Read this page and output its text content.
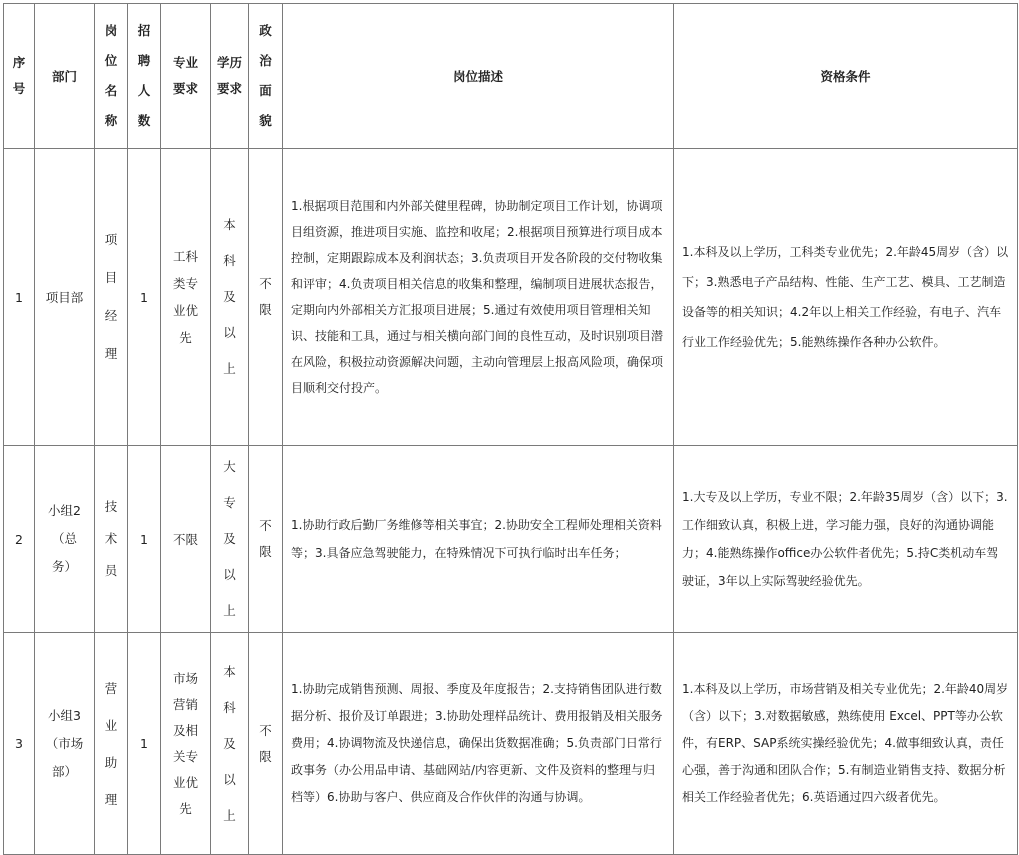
序号	部门	岗位名称	招聘人数	专业要求	学历要求	政治面貌	岗位描述	资格条件
1	项目部	项目经理	1	工科类专业优先	本科及以上	不限	1.根据项目范围和内外部关健里程碑，协助制定项目工作计划，协调项目组资源，推进项目实施、监控和收尾；2.根据项目预算进行项目成本控制，定期跟踪成本及利润状态；3.负责项目开发各阶段的交付物收集和评审；4.负责项目相关信息的收集和整理，编制项目进展状态报告，定期向内外部相关方汇报项目进展；5.通过有效使用项目管理相关知识、技能和工具，通过与相关横向部门间的良性互动，及时识别项目潜在风险，积极拉动资源解决问题，主动向管理层上报高风险项，确保项目顺利交付投产。	1.本科及以上学历，工科类专业优先；2.年龄45周岁（含）以下；3.熟悉电子产品结构、性能、生产工艺、模具、工艺制造设备等的相关知识；4.2年以上相关工作经验，有电子、汽车行业工作经验优先；5.能熟练操作各种办公软件。
2	小组2（总务）	技术员	1	不限	大专及以上	不限	1.协助行政后勤厂务维修等相关事宜；2.协助安全工程师处理相关资料等；3.具备应急驾驶能力，在特殊情况下可执行临时出车任务；	1.大专及以上学历，专业不限；2.年龄35周岁（含）以下；3.工作细致认真，积极上进，学习能力强，良好的沟通协调能力；4.能熟练操作office办公软件者优先；5.持C类机动车驾驶证，3年以上实际驾驶经验优先。
3	小组3（市场部）	营业助理	1	市场营销及相关专业优先	本科及以上	不限	1.协助完成销售预测、周报、季度及年度报告；2.支持销售团队进行数据分析、报价及订单跟进；3.协助处理样品统计、费用报销及相关服务费用；4.协调物流及快递信息，确保出货数据准确；5.负责部门日常行政事务（办公用品申请、基础网站/内容更新、文件及资料的整理与归档等）6.协助与客户、供应商及合作伙伴的沟通与协调。	1.本科及以上学历，市场营销及相关专业优先；2.年龄40周岁（含）以下；3.对数据敏感，熟练使用 Excel、PPT等办公软件，有ERP、SAP系统实操经验优先；4.做事细致认真，责任心强，善于沟通和团队合作；5.有制造业销售支持、数据分析相关工作经验者优先；6.英语通过四六级者优先。
